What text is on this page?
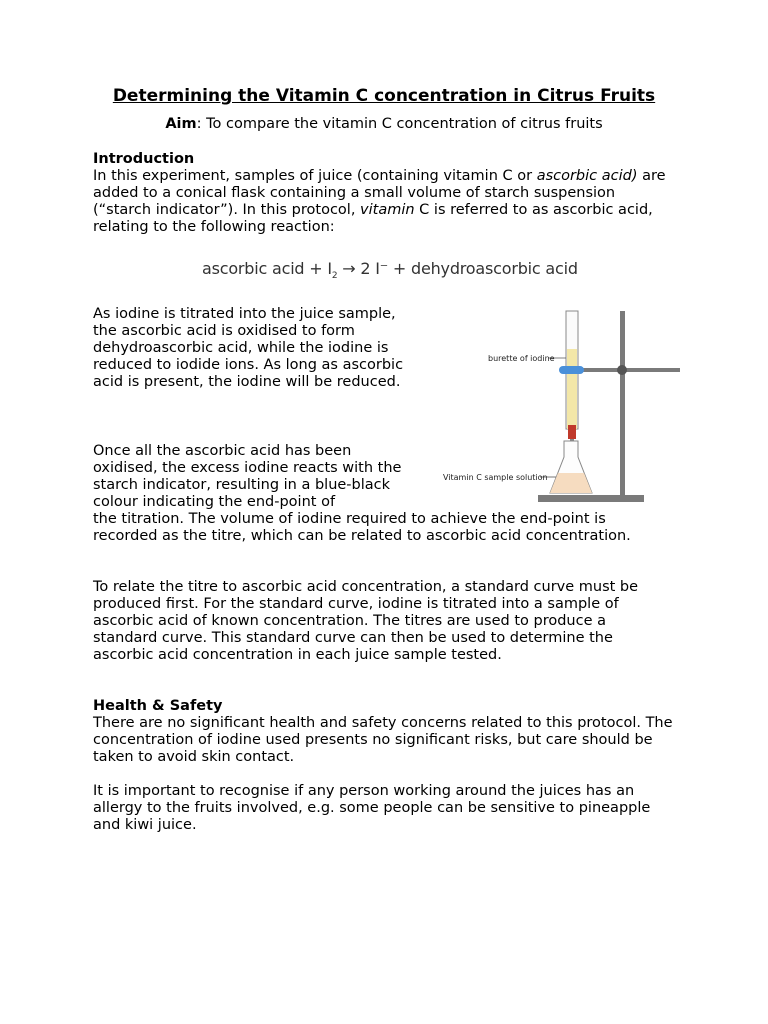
Determining the Vitamin C concentration in Citrus Fruits
Aim: To compare the vitamin C concentration of citrus fruits
Introduction
In this experiment, samples of juice (containing vitamin C or ascorbic acid) are added to a conical flask containing a small volume of starch suspension (“starch indicator”). In this protocol, vitamin C is referred to as ascorbic acid, relating to the following reaction:
ascorbic acid + $I_2 \to 2$ I⁻ + dehydroascorbic acid
As iodine is titrated into the juice sample, the ascorbic acid is oxidised to form dehydroascorbic acid, while the iodine is reduced to iodide ions. As long as ascorbic acid is present, the iodine will be reduced.
Once all the ascorbic acid has been oxidised, the excess iodine reacts with the starch indicator, resulting in a blue-black colour indicating the end-point of
the titration. The volume of iodine required to achieve the end-point is recorded as the titre, which can be related to ascorbic acid concentration.
To relate the titre to ascorbic acid concentration, a standard curve must be produced first. For the standard curve, iodine is titrated into a sample of ascorbic acid of known concentration. The titres are used to produce a standard curve. This standard curve can then be used to determine the ascorbic acid concentration in each juice sample tested.
Health & Safety
There are no significant health and safety concerns related to this protocol. The concentration of iodine used presents no significant risks, but care should be taken to avoid skin contact.
It is important to recognise if any person working around the juices has an allergy to the fruits involved, e.g. some people can be sensitive to pineapple and kiwi juice.
burette of iodine
Vitamin C sample solution
